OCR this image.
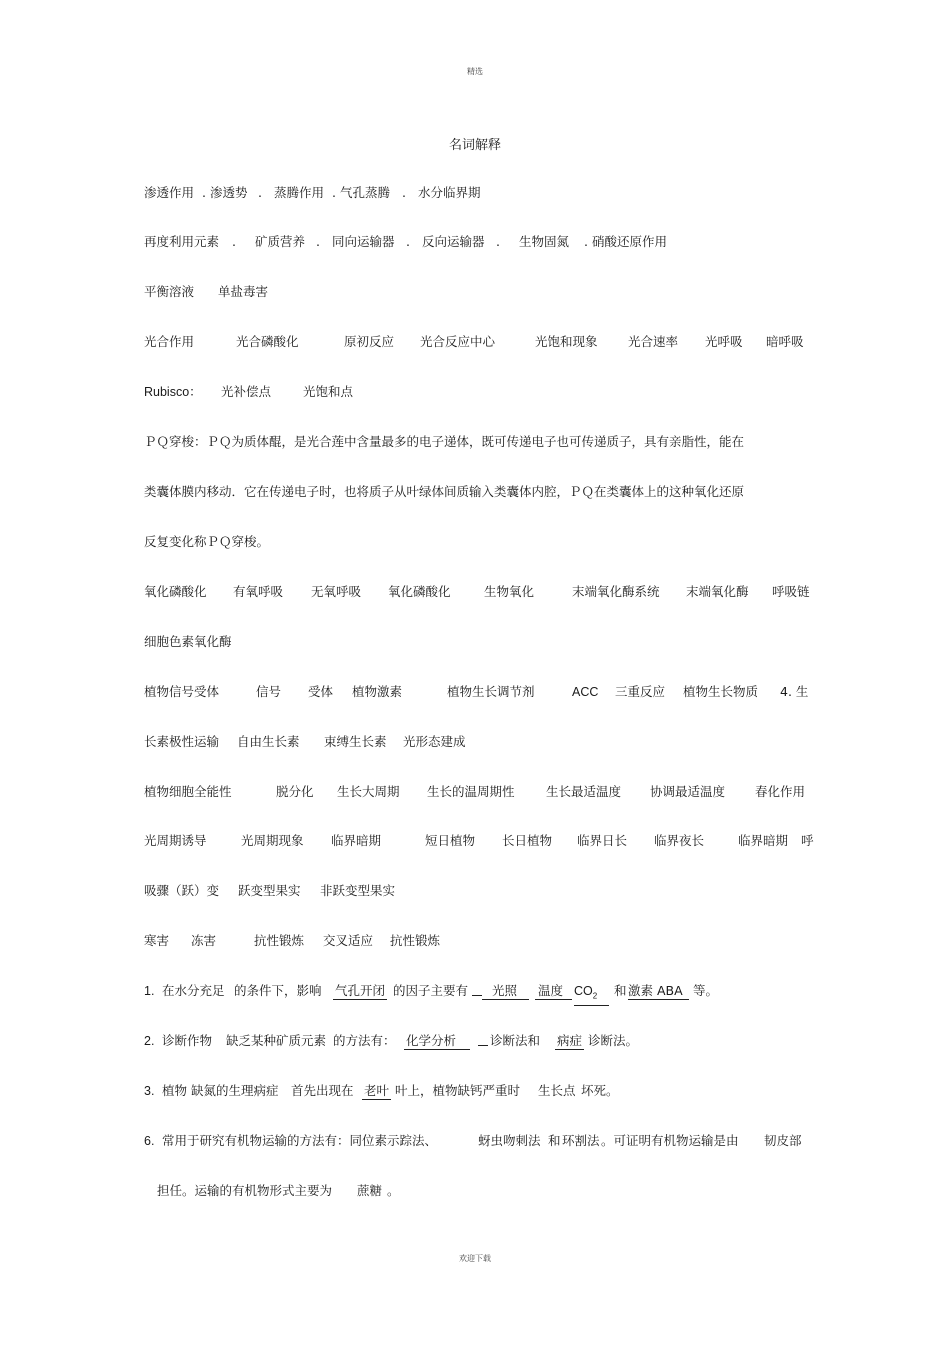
精选
名词解释
渗透作用 . 渗透势 . 蒸腾作用 . 气孔蒸腾 . 水分临界期
再度利用元素 . 矿质营养 . 同向运输器 . 反向运输器 . 生物固氮 . 硝酸还原作用
平衡溶液 单盐毒害
光合作用	光合磷酸化	原初反应 光合反应中心	光饱和现象 光合速率 光呼吸 暗呼吸
Rubisco： 光补偿点	光饱和点
ＰＱ穿梭：ＰＱ为质体醌，是光合莲中含量最多的电子递体，既可传递电子也可传递质子，具有亲脂性，能在
类囊体膜内移动．它在传递电子时，也将质子从叶绿体间质输入类囊体内腔，ＰＱ在类囊体上的这种氧化还原
反复变化称ＰＱ穿梭。
氧化磷酸化 有氧呼吸 无氧呼吸 氧化磷酸化	生物氧化	末端氧化酶系统 末端氧化酶 呼吸链
细胞色素氧化酶
植物信号受体	信号 受体 植物激素	植物生长调节剂	ACC 三重反应 植物生长物质 4. 生
长素极性运输 自由生长素 束缚生长素 光形态建成
植物细胞全能性	脱分化 生长大周期 生长的温周期性	生长最适温度 协调最适温度 春化作用
光周期诱导	光周期现象 临界暗期	短日植物 长日植物 临界日长 临界夜长	临界暗期 呼
吸骤（跃）变 跃变型果实 非跃变型果实
寒害 冻害	抗性锻炼 交叉适应 抗性锻炼
1. 在水分充足 的条件下，影响 气孔开闭 的因子主要有	光照	温度 $CO_2$	和 激素 ABA 等。
2. 诊断作物 缺乏某种矿质元素 的方法有： 化学分析	诊断法和 病症 诊断法。
3. 植物 缺氮的生理病症 首先出现在 老叶 叶上，植物缺钙严重时 生长点 坏死。
6. 常用于研究有机物运输的方法有：同位素示踪法、	蚜虫吻刺法 和 环割法 。可证明有机物运输是由 韧皮部
担任。运输的有机物形式主要为 蔗糖 。
欢迎下载
